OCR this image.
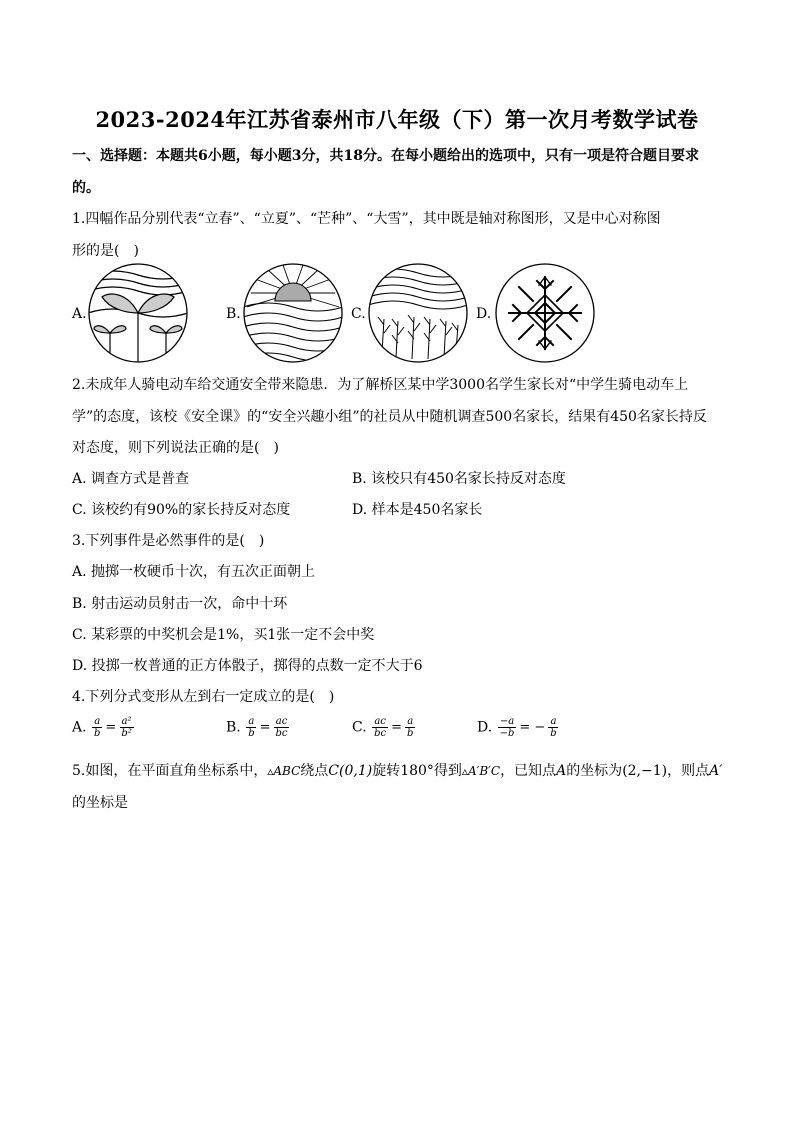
2023-2024年江苏省泰州市八年级（下）第一次月考数学试卷
一、选择题：本题共6小题，每小题3分，共18分。在每小题给出的选项中，只有一项是符合题目要求
的。
1.四幅作品分别代表“立春”、“立夏”、“芒种”、“大雪”，其中既是轴对称图形，又是中心对称图
形的是(　)
A.	B.	C.	D.
2.未成年人骑电动车给交通安全带来隐患．为了解桥区某中学3000名学生家长对“中学生骑电动车上
学”的态度，该校《安全课》的“安全兴趣小组”的社员从中随机调查500名家长，结果有450名家长持反
对态度，则下列说法正确的是(　)
A. 调查方式是普查	B. 该校只有450名家长持反对态度
C. 该校约有90%的家长持反对态度	D. 样本是450名家长
3.下列事件是必然事件的是(　)
A. 抛掷一枚硬币十次，有五次正面朝上
B. 射击运动员射击一次，命中十环
C. 某彩票的中奖机会是1%，买1张一定不会中奖
D. 投掷一枚普通的正方体骰子，掷得的点数一定不大于6
4.下列分式变形从左到右一定成立的是(　)
A. $\frac{a}{b} = \frac{\text{a²}}{\text{b²}}$	B. $\frac{a}{b} = \frac{ac}{bc}$	C. $\frac{ac}{bc} = \frac{a}{b}$	D. $\frac{-a}{-b}$ = − $\frac{a}{b}$
5.如图，在平面直角坐标系中，▵ABC绕点C(0,1)旋转180°得到▵A′B′C，已知点A的坐标为(2,−1)，则点A′
的坐标是
